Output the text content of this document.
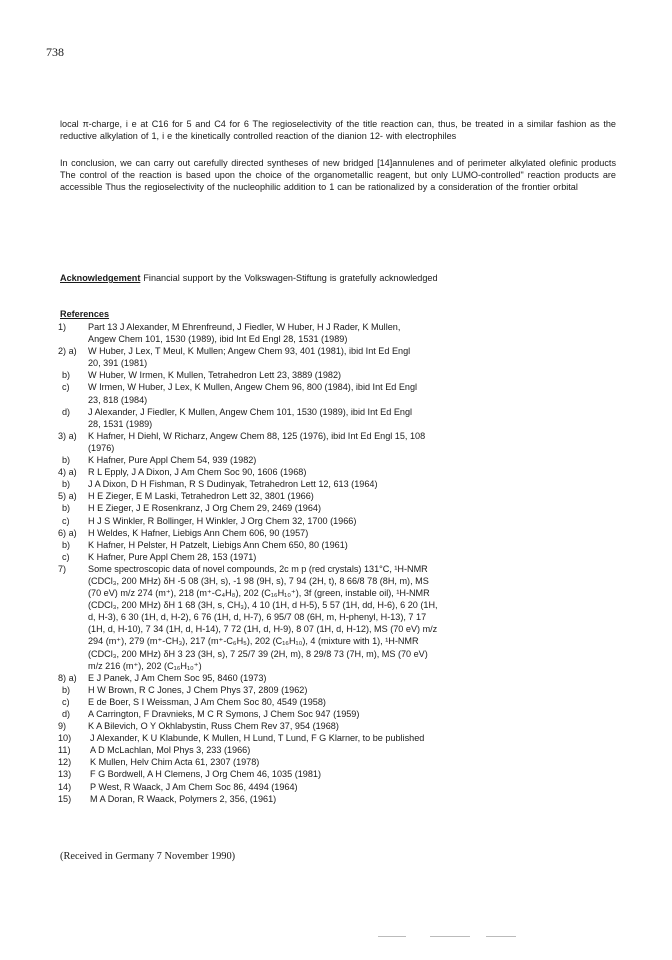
738

local π-charge, i e at C16 for 5 and C4 for 6 The regioselectivity of the title reaction can, thus, be treated in a similar fashion as the reductive alkylation of 1, i e the kinetically controlled reaction of the dianion 12- with electrophiles

In conclusion, we can carry out carefully directed syntheses of new bridged [14]annulenes and of perimeter alkylated olefinic products The control of the reaction is based upon the choice of the organometallic reagent, but only LUMO-controlled" reaction products are accessible Thus the regioselectivity of the nucleophilic addition to 1 can be rationalized by a consideration of the frontier orbital

Acknowledgement Financial support by the Volkswagen-Stiftung is gratefully acknowledged

References
1) Part 13 J Alexander, M Ehrenfreund, J Fiedler, W Huber, H J Rader, K Mullen,
Angew Chem 101, 1530 (1989), ibid Int Ed Engl 28, 1531 (1989)
2) a) W Huber, J Lex, T Meul, K Mullen; Angew Chem 93, 401 (1981), ibid Int Ed Engl
20, 391 (1981)
b) W Huber, W Irmen, K Mullen, Tetrahedron Lett 23, 3889 (1982)
c) W Irmen, W Huber, J Lex, K Mullen, Angew Chem 96, 800 (1984), ibid Int Ed Engl
23, 818 (1984)
d) J Alexander, J Fiedler, K Mullen, Angew Chem 101, 1530 (1989), ibid Int Ed Engl
28, 1531 (1989)
3) a) K Hafner, H Diehl, W Richarz, Angew Chem 88, 125 (1976), ibid Int Ed Engl 15, 108
(1976)
b) K Hafner, Pure Appl Chem 54, 939 (1982)
4) a) R L Epply, J A Dixon, J Am Chem Soc 90, 1606 (1968)
b) J A Dixon, D H Fishman, R S Dudinyak, Tetrahedron Lett 12, 613 (1964)
5) a) H E Zieger, E M Laski, Tetrahedron Lett 32, 3801 (1966)
b) H E Zieger, J E Rosenkranz, J Org Chem 29, 2469 (1964)
c) H J S Winkler, R Bollinger, H Winkler, J Org Chem 32, 1700 (1966)
6) a) H Weldes, K Hafner, Liebigs Ann Chem 606, 90 (1957)
b) K Hafner, H Pelster, H Patzelt, Liebigs Ann Chem 650, 80 (1961)
c) K Hafner, Pure Appl Chem 28, 153 (1971)
7) Some spectroscopic data of novel compounds, 2c m p (red crystals) 131°C, ¹H-NMR
(CDCl₃, 200 MHz) δH -5 08 (3H, s), -1 98 (9H, s), 7 94 (2H, t), 8 66/8 78 (8H, m), MS
(70 eV) m/z 274 (m⁺), 218 (m⁺-C₄H₈), 202 (C₁₆H₁₀⁺), 3f (green, instable oil), ¹H-NMR
(CDCl₃, 200 MHz) δH 1 68 (3H, s, CH₃), 4 10 (1H, d H-5), 5 57 (1H, dd, H-6), 6 20 (1H,
d, H-3), 6 30 (1H, d, H-2), 6 76 (1H, d, H-7), 6 95/7 08 (6H, m, H-phenyl, H-13), 7 17
(1H, d, H-10), 7 34 (1H, d, H-14), 7 72 (1H, d, H-9), 8 07 (1H, d, H-12), MS (70 eV) m/z
294 (m⁺), 279 (m⁺-CH₃), 217 (m⁺-C₆H₅), 202 (C₁₆H₁₀), 4 (mixture with 1), ¹H-NMR
(CDCl₃, 200 MHz) δH 3 23 (3H, s), 7 25/7 39 (2H, m), 8 29/8 73 (7H, m), MS (70 eV)
m/z 216 (m⁺), 202 (C₁₆H₁₀⁺)
8) a) E J Panek, J Am Chem Soc 95, 8460 (1973)
b) H W Brown, R C Jones, J Chem Phys 37, 2809 (1962)
c) E de Boer, S I Weissman, J Am Chem Soc 80, 4549 (1958)
d) A Carrington, F Dravnieks, M C R Symons, J Chem Soc 947 (1959)
9) K A Bilevich, O Y Okhlabystin, Russ Chem Rev 37, 954 (1968)
10) J Alexander, K U Klabunde, K Mullen, H Lund, T Lund, F G Klarner, to be published
11) A D McLachlan, Mol Phys 3, 233 (1966)
12) K Mullen, Helv Chim Acta 61, 2307 (1978)
13) F G Bordwell, A H Clemens, J Org Chem 46, 1035 (1981)
14) P West, R Waack, J Am Chem Soc 86, 4494 (1964)
15) M A Doran, R Waack, Polymers 2, 356, (1961)
(Received in Germany 7 November 1990)
